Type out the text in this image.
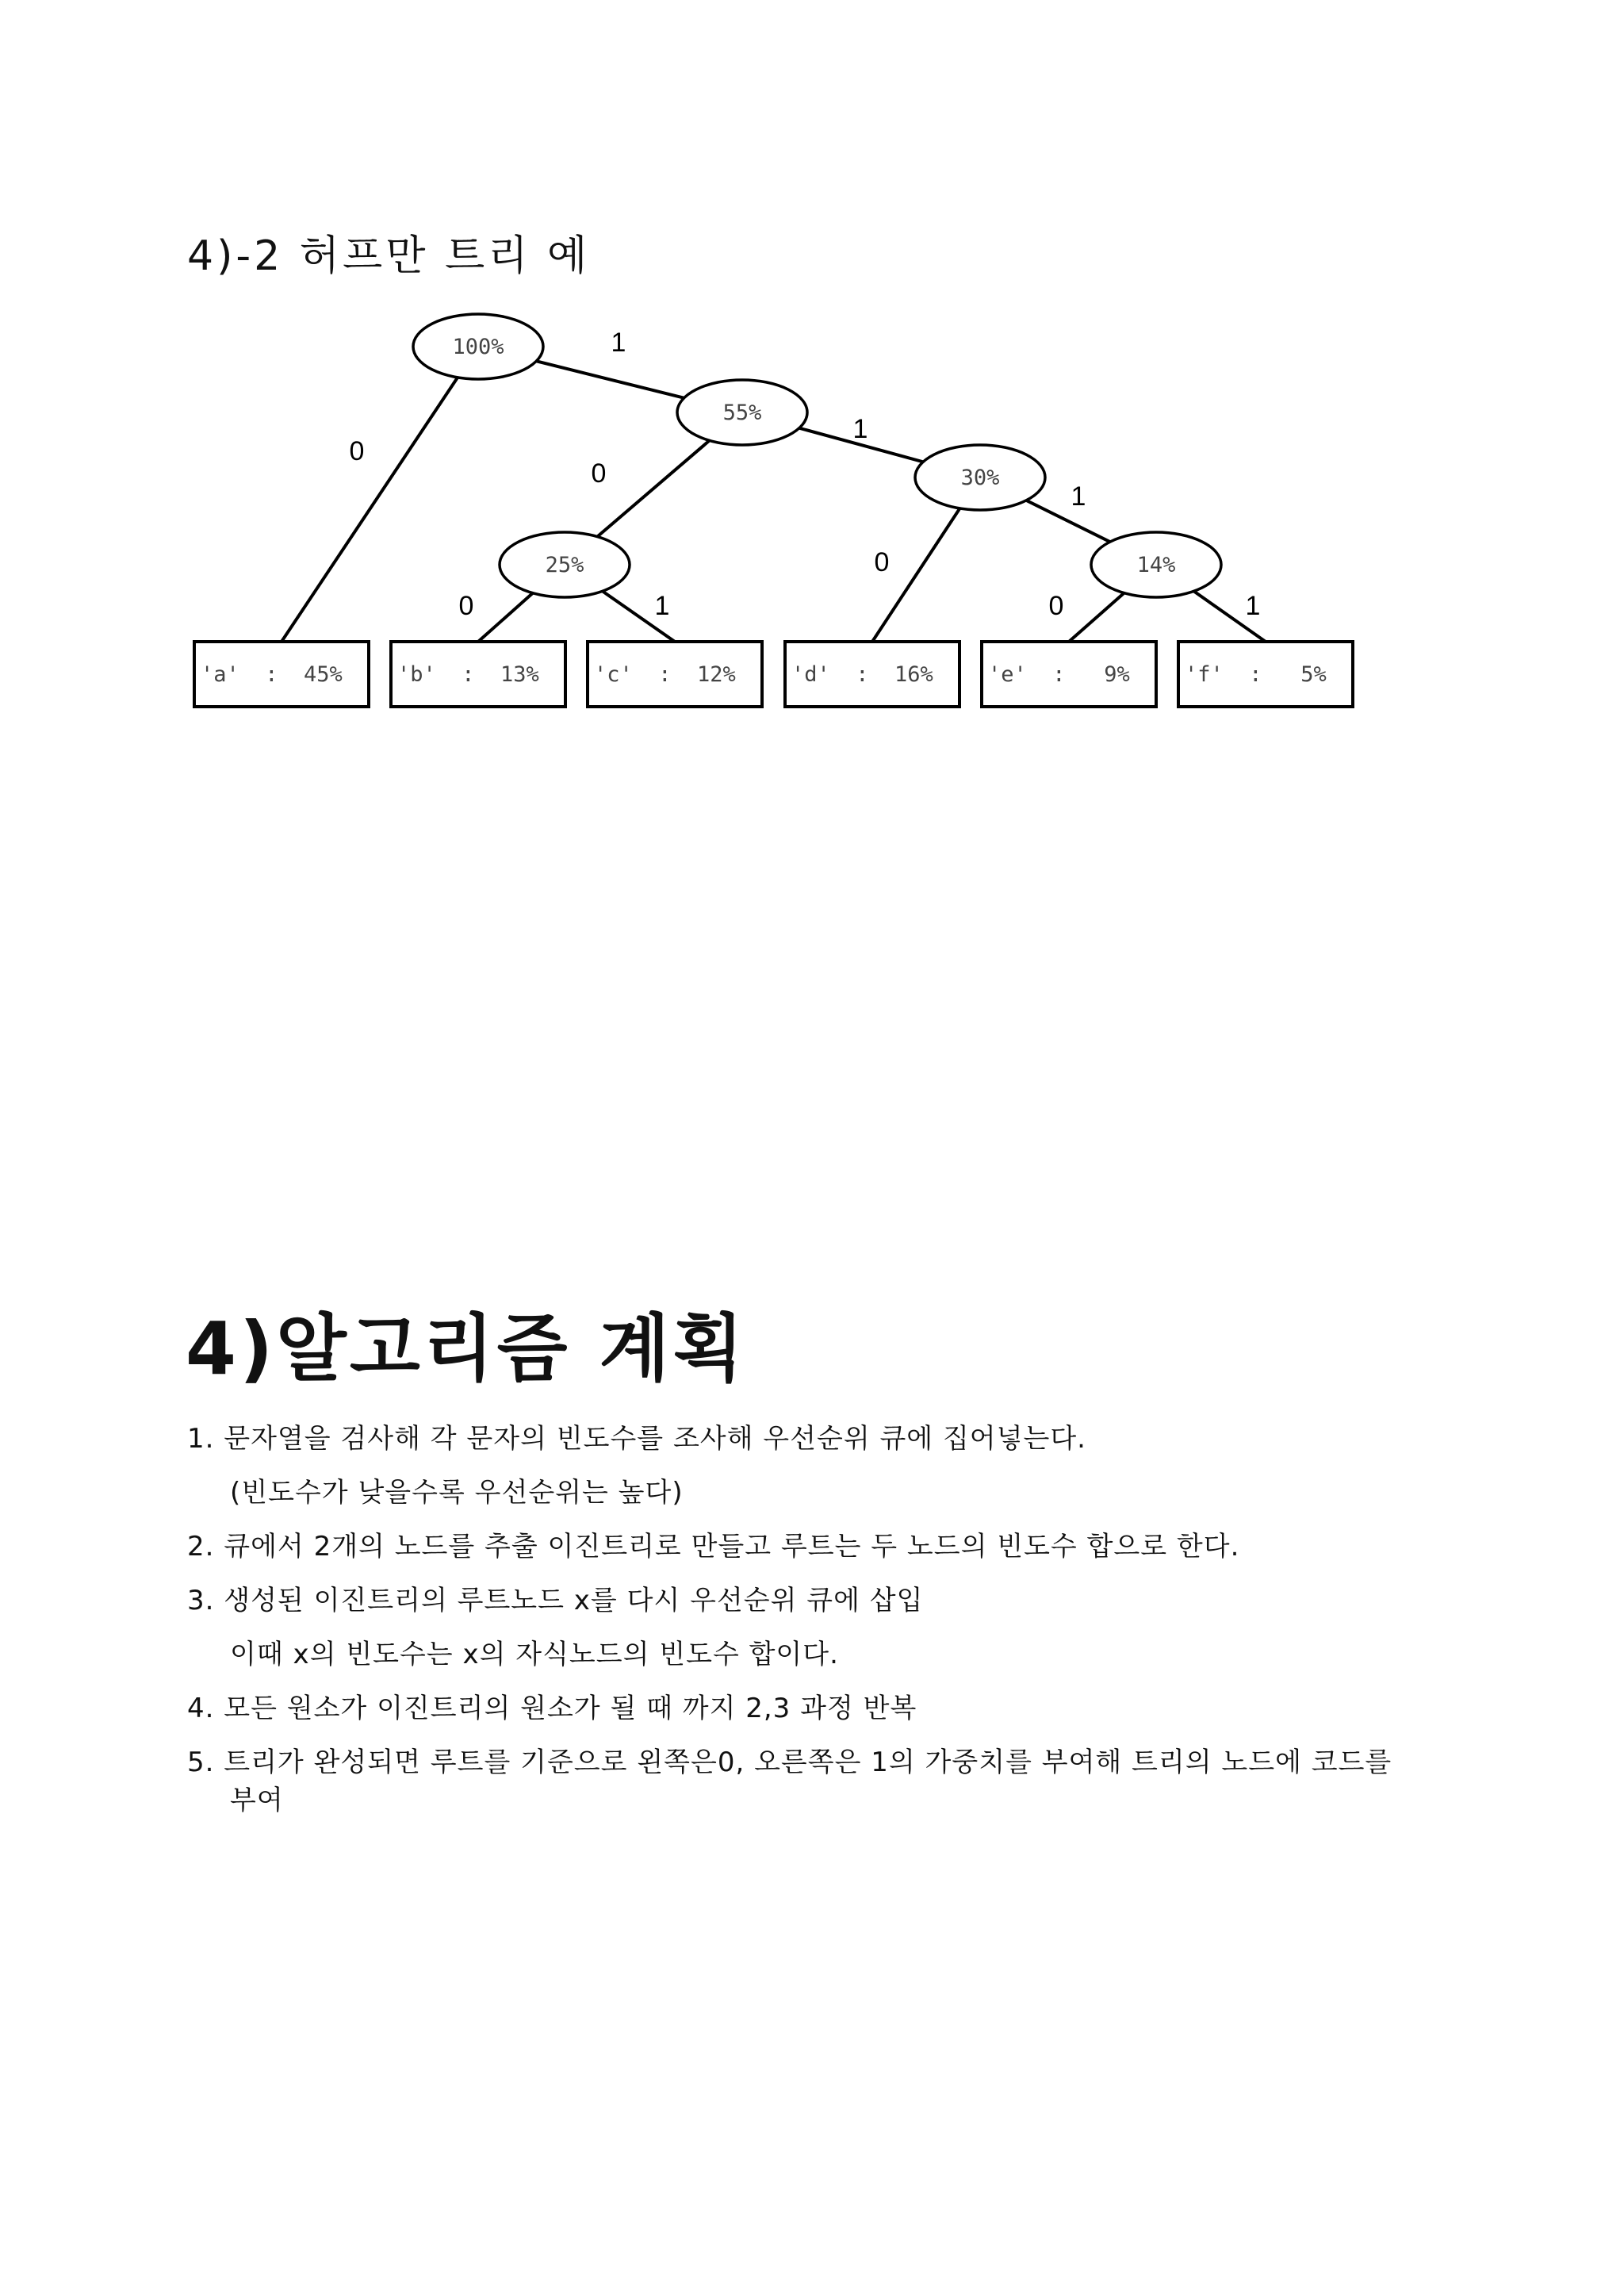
4)-2 허프만 트리 예
100%
55%
30%
25%	14%
'a'  :  45%	'b'  :  13%	'c'  :  12%	'd'  :  16%	'e'  :   9%	'f'  :   5%
0
1
0
1
0	1
0
1
0	1
4)알고리즘 계획
1. 문자열을 검사해 각 문자의 빈도수를 조사해 우선순위 큐에 집어넣는다.
(빈도수가 낮을수록 우선순위는 높다)
2. 큐에서 2개의 노드를 추출 이진트리로 만들고 루트는 두 노드의 빈도수 합으로 한다.
3. 생성된 이진트리의 루트노드 x를 다시 우선순위 큐에 삽입
이때 x의 빈도수는 x의 자식노드의 빈도수 합이다.
4. 모든 원소가 이진트리의 원소가 될 때 까지 2,3 과정 반복
5. 트리가 완성되면 루트를 기준으로 왼쪽은0, 오른쪽은 1의 가중치를 부여해 트리의 노드에 코드를 부여
